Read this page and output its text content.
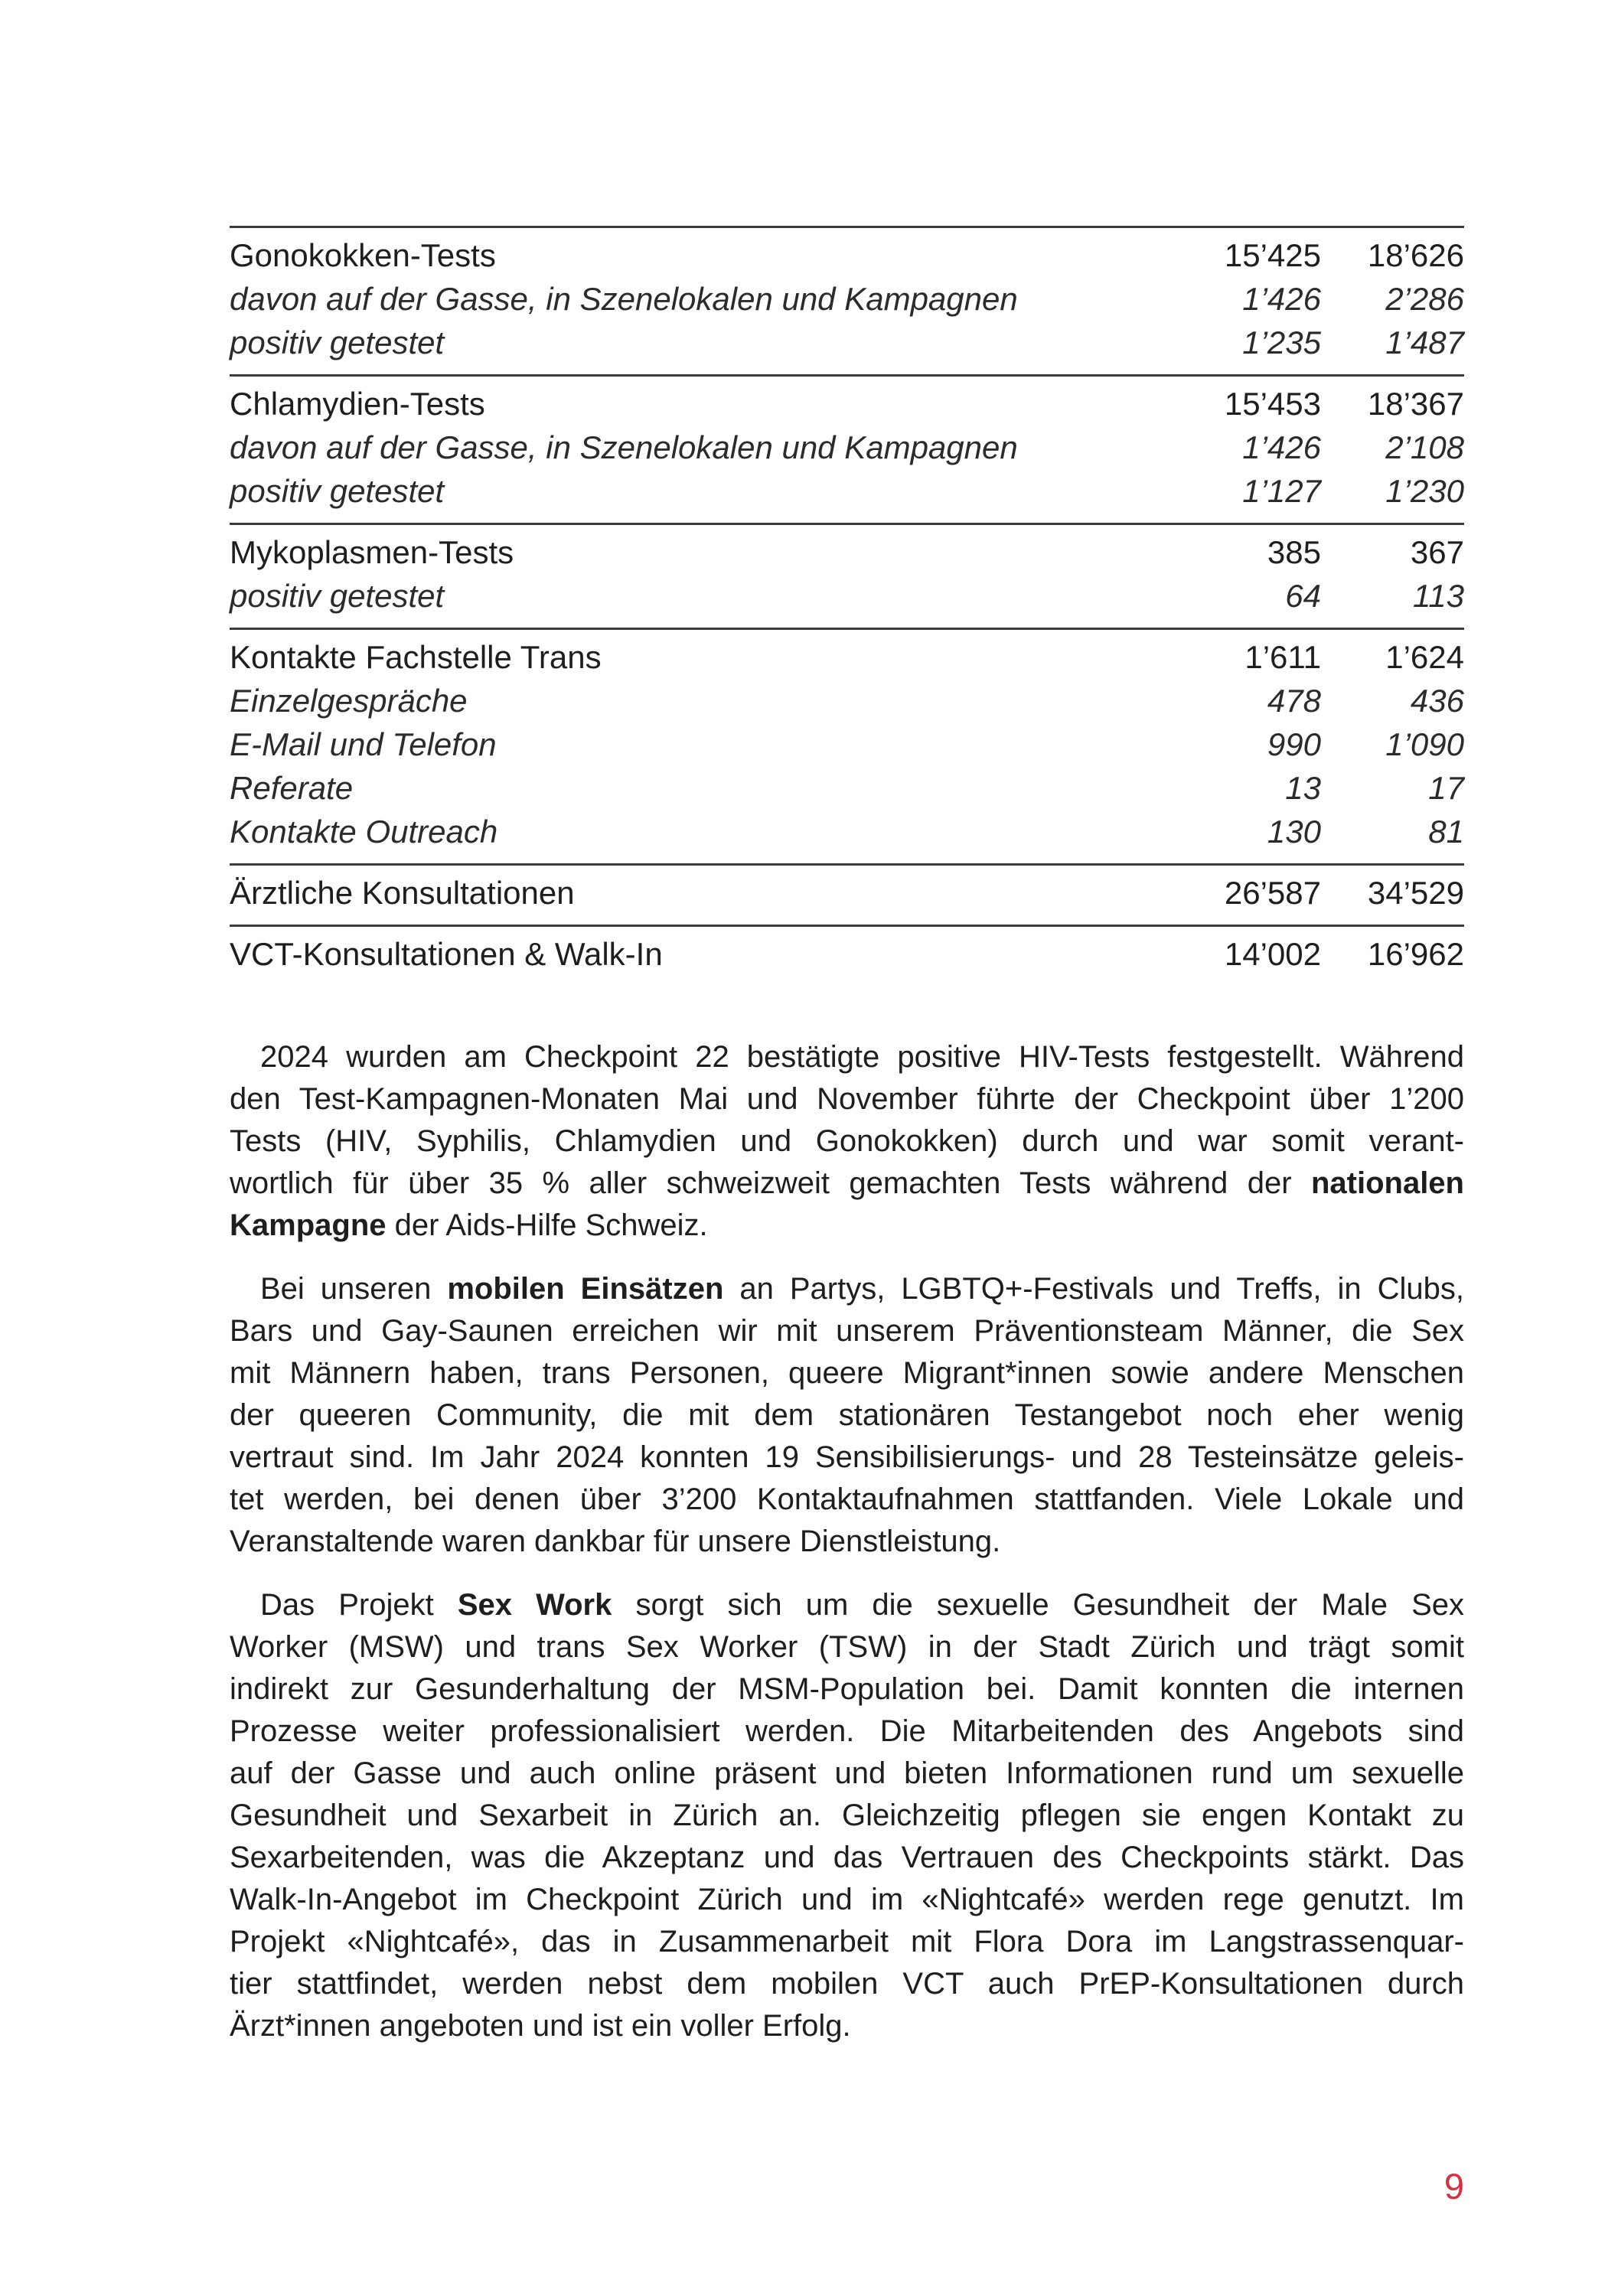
Gonokokken-Tests	15’425	18’626
davon auf der Gasse, in Szenelokalen und Kampagnen	1’426	2’286
positiv getestet	1’235	1’487
Chlamydien-Tests	15’453	18’367
davon auf der Gasse, in Szenelokalen und Kampagnen	1’426	2’108
positiv getestet	1’127	1’230
Mykoplasmen-Tests	385	367
positiv getestet	64	113
Kontakte Fachstelle Trans	1’611	1’624
Einzelgespräche	478	436
E-Mail und Telefon	990	1’090
Referate	13	17
Kontakte Outreach	130	81
Ärztliche Konsultationen	26’587	34’529
VCT-Konsultationen & Walk-In	14’002	16’962
2024 wurden am Checkpoint 22 bestätigte positive HIV-Tests festgestellt. Während
den Test-Kampagnen-Monaten Mai und November führte der Checkpoint über 1’200
Tests (HIV, Syphilis, Chlamydien und Gonokokken) durch und war somit verant-
wortlich für über 35 % aller schweizweit gemachten Tests während der nationalen
Kampagne der Aids-Hilfe Schweiz.
Bei unseren mobilen Einsätzen an Partys, LGBTQ+-Festivals und Treffs, in Clubs,
Bars und Gay-Saunen erreichen wir mit unserem Präventionsteam Männer, die Sex
mit Männern haben, trans Personen, queere Migrant*innen sowie andere Menschen
der queeren Community, die mit dem stationären Testangebot noch eher wenig
vertraut sind. Im Jahr 2024 konnten 19 Sensibilisierungs- und 28 Testeinsätze geleis-
tet werden, bei denen über 3’200 Kontaktaufnahmen stattfanden. Viele Lokale und
Veranstaltende waren dankbar für unsere Dienstleistung.
Das Projekt Sex Work sorgt sich um die sexuelle Gesundheit der Male Sex
Worker (MSW) und trans Sex Worker (TSW) in der Stadt Zürich und trägt somit
indirekt zur Gesunderhaltung der MSM-Population bei. Damit konnten die internen
Prozesse weiter professionalisiert werden. Die Mitarbeitenden des Angebots sind
auf der Gasse und auch online präsent und bieten Informationen rund um sexuelle
Gesundheit und Sexarbeit in Zürich an. Gleichzeitig pflegen sie engen Kontakt zu
Sexarbeitenden, was die Akzeptanz und das Vertrauen des Checkpoints stärkt. Das
Walk-In-Angebot im Checkpoint Zürich und im «Nightcafé» werden rege genutzt. Im
Projekt «Nightcafé», das in Zusammenarbeit mit Flora Dora im Langstrassenquar-
tier stattfindet, werden nebst dem mobilen VCT auch PrEP-Konsultationen durch
Ärzt*innen angeboten und ist ein voller Erfolg.
9
